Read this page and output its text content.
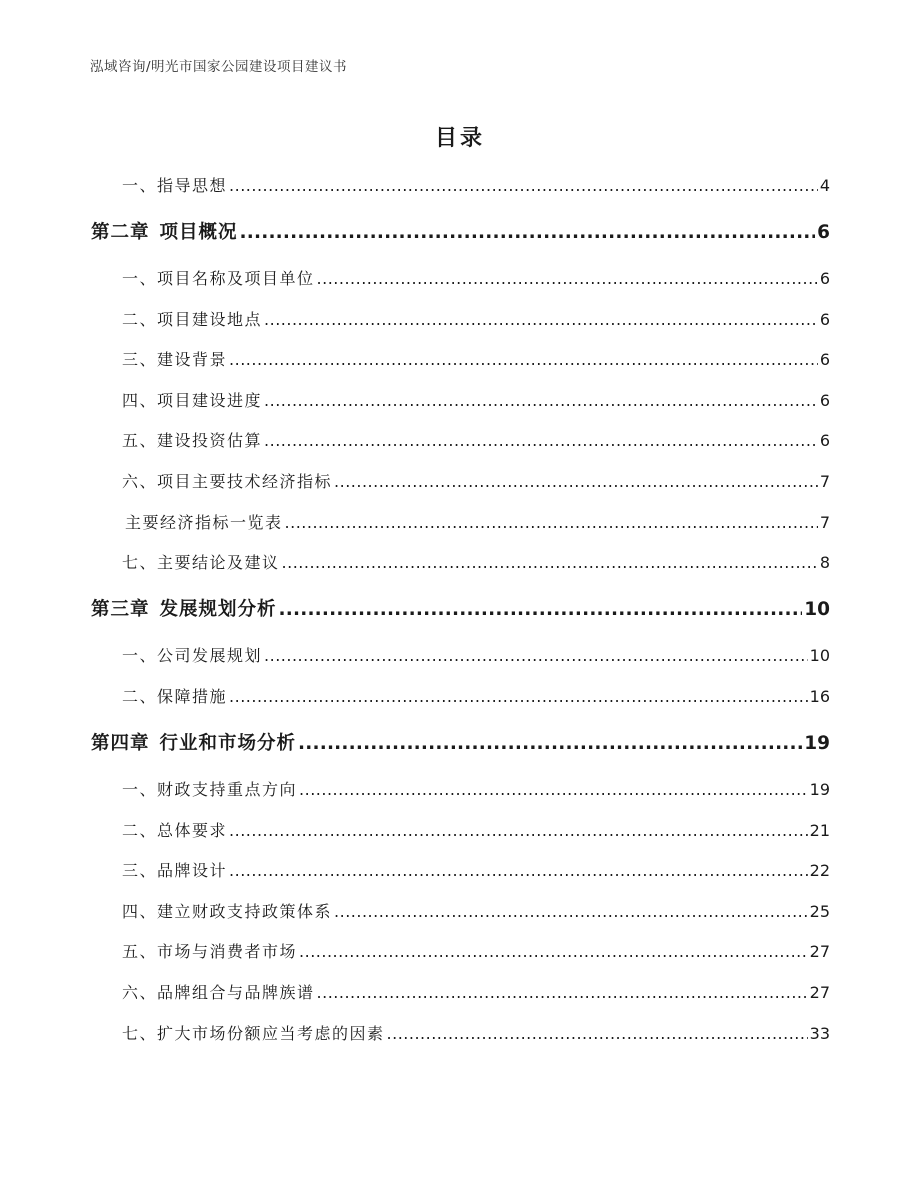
泓域咨询/明光市国家公园建设项目建议书
目录
一、 指导思想 .....	4
第二章 项目概况 .....	6
一、 项目名称及项目单位 .....	6
二、 项目建设地点 .....	6
三、 建设背景 .....	6
四、 项目建设进度 .....	6
五、 建设投资估算 .....	6
六、 项目主要技术经济指标 .....	7
主要经济指标一览表 .....	7
七、 主要结论及建议 .....	8
第三章 发展规划分析 .....	10
一、 公司发展规划 .....	10
二、 保障措施 .....	16
第四章 行业和市场分析 .....	19
一、 财政支持重点方向 .....	19
二、 总体要求 .....	21
三、 品牌设计 .....	22
四、 建立财政支持政策体系 .....	25
五、 市场与消费者市场 .....	27
六、 品牌组合与品牌族谱 .....	27
七、 扩大市场份额应当考虑的因素 .....	33
